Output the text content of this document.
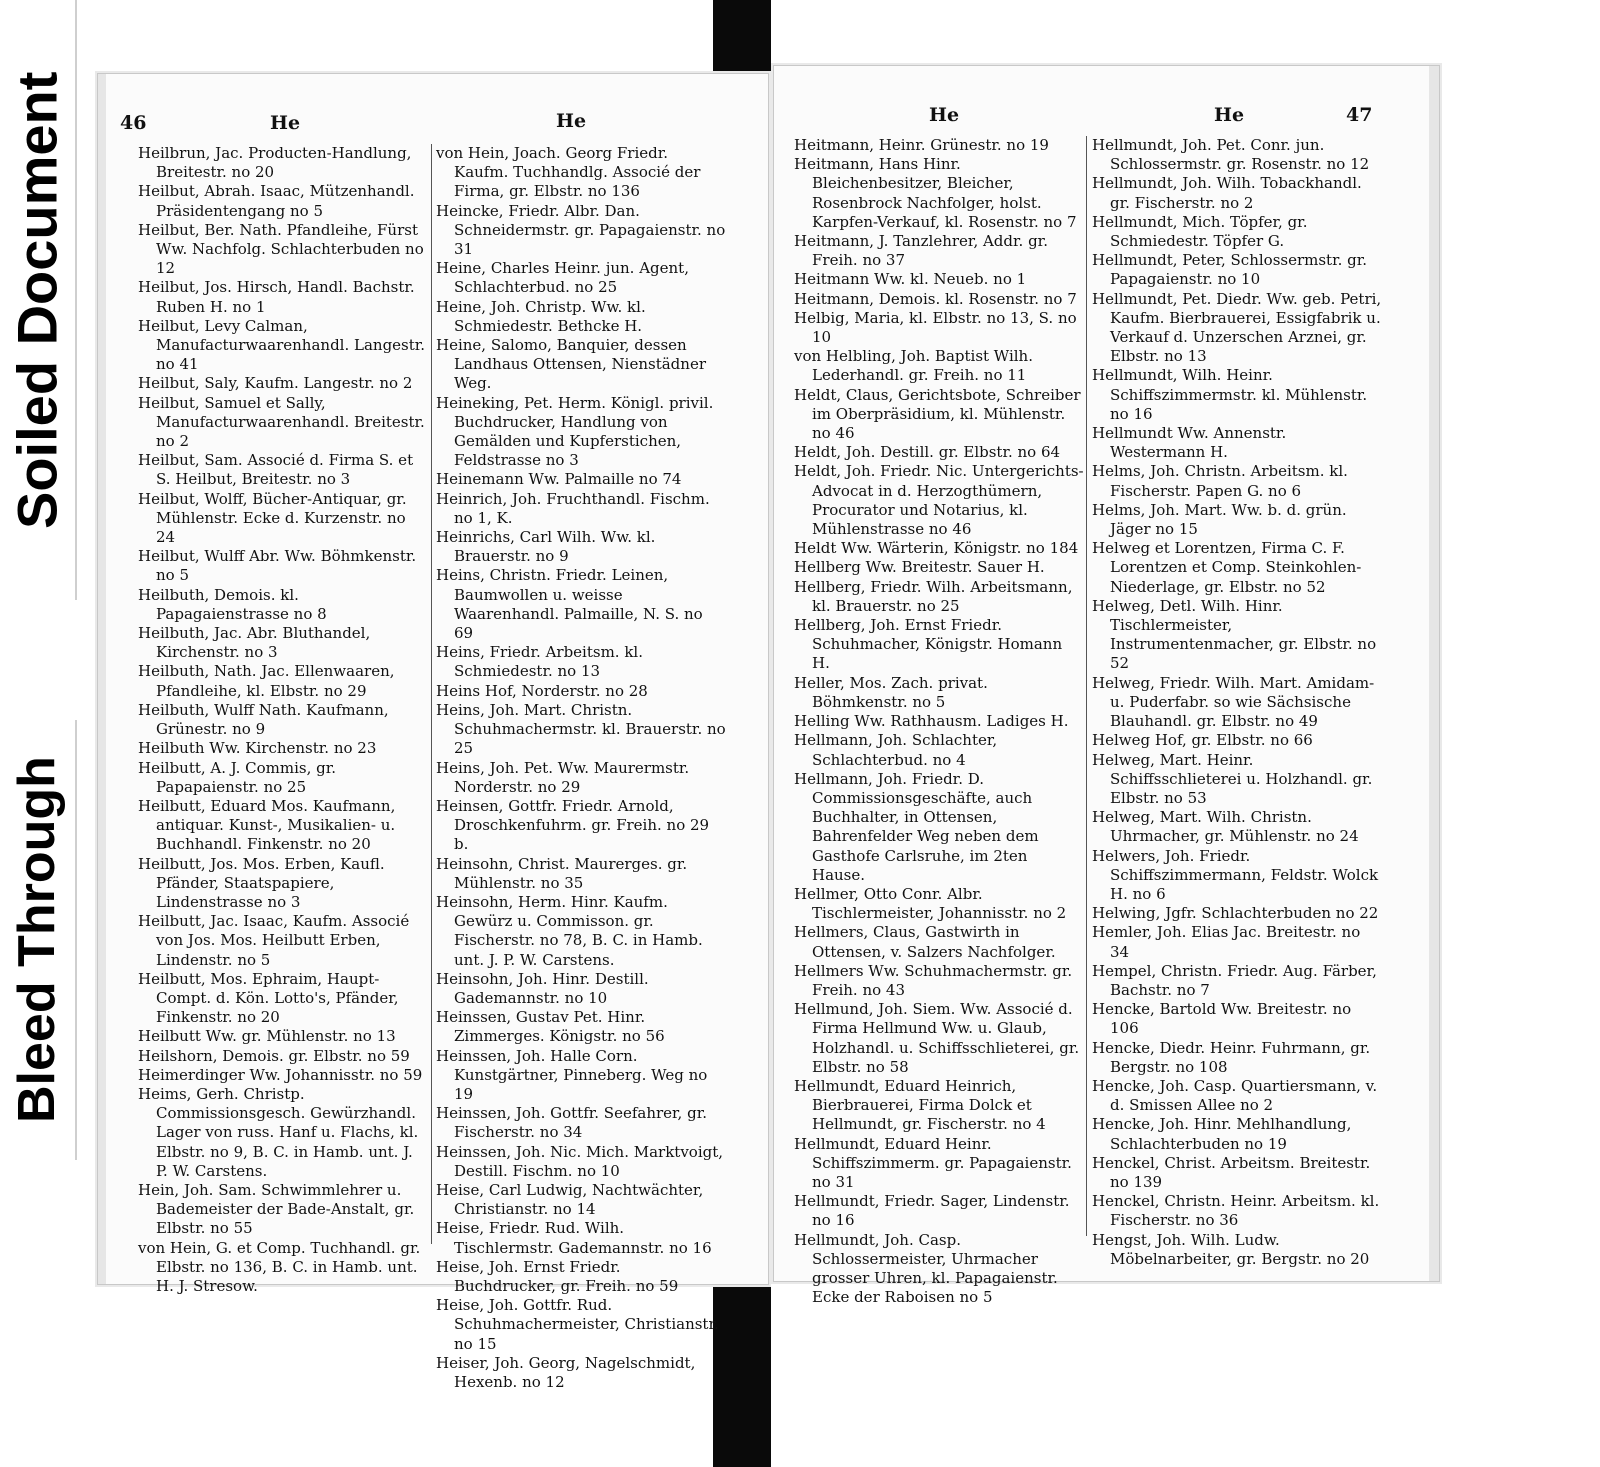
Soiled Document
Bleed Through
46	He	He
Heilbrun, Jac. Producten-Handlung, Breitestr. no 20
Heilbut, Abrah. Isaac, Mützenhandl. Präsidentengang no 5
Heilbut, Ber. Nath. Pfandleihe, Fürst Ww. Nachfolg. Schlachterbuden no 12
Heilbut, Jos. Hirsch, Handl. Bachstr. Ruben H. no 1
Heilbut, Levy Calman, Manufacturwaarenhandl. Langestr. no 41
Heilbut, Saly, Kaufm. Langestr. no 2
Heilbut, Samuel et Sally, Manufacturwaarenhandl. Breitestr. no 2
Heilbut, Sam. Associé d. Firma S. et S. Heilbut, Breitestr. no 3
Heilbut, Wolff, Bücher-Antiquar, gr. Mühlenstr. Ecke d. Kurzenstr. no 24
Heilbut, Wulff Abr. Ww. Böhmkenstr. no 5
Heilbuth, Demois. kl. Papagaienstrasse no 8
Heilbuth, Jac. Abr. Bluthandel, Kirchenstr. no 3
Heilbuth, Nath. Jac. Ellenwaaren, Pfandleihe, kl. Elbstr. no 29
Heilbuth, Wulff Nath. Kaufmann, Grünestr. no 9
Heilbuth Ww. Kirchenstr. no 23
Heilbutt, A. J. Commis, gr. Papapaienstr. no 25
Heilbutt, Eduard Mos. Kaufmann, antiquar. Kunst-, Musikalien- u. Buchhandl. Finkenstr. no 20
Heilbutt, Jos. Mos. Erben, Kaufl. Pfänder, Staatspapiere, Lindenstrasse no 3
Heilbutt, Jac. Isaac, Kaufm. Associé von Jos. Mos. Heilbutt Erben, Lindenstr. no 5
Heilbutt, Mos. Ephraim, Haupt-Compt. d. Kön. Lotto's, Pfänder, Finkenstr. no 20
Heilbutt Ww. gr. Mühlenstr. no 13
Heilshorn, Demois. gr. Elbstr. no 59
Heimerdinger Ww. Johannisstr. no 59
Heims, Gerh. Christp. Commissionsgesch. Gewürzhandl. Lager von russ. Hanf u. Flachs, kl. Elbstr. no 9, B. C. in Hamb. unt. J. P. W. Carstens.
Hein, Joh. Sam. Schwimmlehrer u. Bademeister der Bade-Anstalt, gr. Elbstr. no 55
von Hein, G. et Comp. Tuchhandl. gr. Elbstr. no 136, B. C. in Hamb. unt. H. J. Stresow.
von Hein, Joach. Georg Friedr. Kaufm. Tuchhandlg. Associé der Firma, gr. Elbstr. no 136
Heincke, Friedr. Albr. Dan. Schneidermstr. gr. Papagaienstr. no 31
Heine, Charles Heinr. jun. Agent, Schlachterbud. no 25
Heine, Joh. Christp. Ww. kl. Schmiedestr. Bethcke H.
Heine, Salomo, Banquier, dessen Landhaus Ottensen, Nienstädner Weg.
Heineking, Pet. Herm. Königl. privil. Buchdrucker, Handlung von Gemälden und Kupferstichen, Feldstrasse no 3
Heinemann Ww. Palmaille no 74
Heinrich, Joh. Fruchthandl. Fischm. no 1, K.
Heinrichs, Carl Wilh. Ww. kl. Brauerstr. no 9
Heins, Christn. Friedr. Leinen, Baumwollen u. weisse Waarenhandl. Palmaille, N. S. no 69
Heins, Friedr. Arbeitsm. kl. Schmiedestr. no 13
Heins Hof, Norderstr. no 28
Heins, Joh. Mart. Christn. Schuhmachermstr. kl. Brauerstr. no 25
Heins, Joh. Pet. Ww. Maurermstr. Norderstr. no 29
Heinsen, Gottfr. Friedr. Arnold, Droschkenfuhrm. gr. Freih. no 29 b.
Heinsohn, Christ. Maurerges. gr. Mühlenstr. no 35
Heinsohn, Herm. Hinr. Kaufm. Gewürz u. Commisson. gr. Fischerstr. no 78, B. C. in Hamb. unt. J. P. W. Carstens.
Heinsohn, Joh. Hinr. Destill. Gademannstr. no 10
Heinssen, Gustav Pet. Hinr. Zimmerges. Königstr. no 56
Heinssen, Joh. Halle Corn. Kunstgärtner, Pinneberg. Weg no 19
Heinssen, Joh. Gottfr. Seefahrer, gr. Fischerstr. no 34
Heinssen, Joh. Nic. Mich. Marktvoigt, Destill. Fischm. no 10
Heise, Carl Ludwig, Nachtwächter, Christianstr. no 14
Heise, Friedr. Rud. Wilh. Tischlermstr. Gademannstr. no 16
Heise, Joh. Ernst Friedr. Buchdrucker, gr. Freih. no 59
Heise, Joh. Gottfr. Rud. Schuhmachermeister, Christianstr. no 15
Heiser, Joh. Georg, Nagelschmidt, Hexenb. no 12
He	He	47
Heitmann, Heinr. Grünestr. no 19
Heitmann, Hans Hinr. Bleichenbesitzer, Bleicher, Rosenbrock Nachfolger, holst. Karpfen-Verkauf, kl. Rosenstr. no 7
Heitmann, J. Tanzlehrer, Addr. gr. Freih. no 37
Heitmann Ww. kl. Neueb. no 1
Heitmann, Demois. kl. Rosenstr. no 7
Helbig, Maria, kl. Elbstr. no 13, S. no 10
von Helbling, Joh. Baptist Wilh. Lederhandl. gr. Freih. no 11
Heldt, Claus, Gerichtsbote, Schreiber im Oberpräsidium, kl. Mühlenstr. no 46
Heldt, Joh. Destill. gr. Elbstr. no 64
Heldt, Joh. Friedr. Nic. Untergerichts-Advocat in d. Herzogthümern, Procurator und Notarius, kl. Mühlenstrasse no 46
Heldt Ww. Wärterin, Königstr. no 184
Hellberg Ww. Breitestr. Sauer H.
Hellberg, Friedr. Wilh. Arbeitsmann, kl. Brauerstr. no 25
Hellberg, Joh. Ernst Friedr. Schuhmacher, Königstr. Homann H.
Heller, Mos. Zach. privat. Böhmkenstr. no 5
Helling Ww. Rathhausm. Ladiges H.
Hellmann, Joh. Schlachter, Schlachterbud. no 4
Hellmann, Joh. Friedr. D. Commissionsgeschäfte, auch Buchhalter, in Ottensen, Bahrenfelder Weg neben dem Gasthofe Carlsruhe, im 2ten Hause.
Hellmer, Otto Conr. Albr. Tischlermeister, Johannisstr. no 2
Hellmers, Claus, Gastwirth in Ottensen, v. Salzers Nachfolger.
Hellmers Ww. Schuhmachermstr. gr. Freih. no 43
Hellmund, Joh. Siem. Ww. Associé d. Firma Hellmund Ww. u. Glaub, Holzhandl. u. Schiffsschlieterei, gr. Elbstr. no 58
Hellmundt, Eduard Heinrich, Bierbrauerei, Firma Dolck et Hellmundt, gr. Fischerstr. no 4
Hellmundt, Eduard Heinr. Schiffszimmerm. gr. Papagaienstr. no 31
Hellmundt, Friedr. Sager, Lindenstr. no 16
Hellmundt, Joh. Casp. Schlossermeister, Uhrmacher grosser Uhren, kl. Papagaienstr. Ecke der Raboisen no 5
Hellmundt, Joh. Pet. Conr. jun. Schlossermstr. gr. Rosenstr. no 12
Hellmundt, Joh. Wilh. Tobackhandl. gr. Fischerstr. no 2
Hellmundt, Mich. Töpfer, gr. Schmiedestr. Töpfer G.
Hellmundt, Peter, Schlossermstr. gr. Papagaienstr. no 10
Hellmundt, Pet. Diedr. Ww. geb. Petri, Kaufm. Bierbrauerei, Essigfabrik u. Verkauf d. Unzerschen Arznei, gr. Elbstr. no 13
Hellmundt, Wilh. Heinr. Schiffszimmermstr. kl. Mühlenstr. no 16
Hellmundt Ww. Annenstr. Westermann H.
Helms, Joh. Christn. Arbeitsm. kl. Fischerstr. Papen G. no 6
Helms, Joh. Mart. Ww. b. d. grün. Jäger no 15
Helweg et Lorentzen, Firma C. F. Lorentzen et Comp. Steinkohlen-Niederlage, gr. Elbstr. no 52
Helweg, Detl. Wilh. Hinr. Tischlermeister, Instrumentenmacher, gr. Elbstr. no 52
Helweg, Friedr. Wilh. Mart. Amidam- u. Puderfabr. so wie Sächsische Blauhandl. gr. Elbstr. no 49
Helweg Hof, gr. Elbstr. no 66
Helweg, Mart. Heinr. Schiffsschlieterei u. Holzhandl. gr. Elbstr. no 53
Helweg, Mart. Wilh. Christn. Uhrmacher, gr. Mühlenstr. no 24
Helwers, Joh. Friedr. Schiffszimmermann, Feldstr. Wolck H. no 6
Helwing, Jgfr. Schlachterbuden no 22
Hemler, Joh. Elias Jac. Breitestr. no 34
Hempel, Christn. Friedr. Aug. Färber, Bachstr. no 7
Hencke, Bartold Ww. Breitestr. no 106
Hencke, Diedr. Heinr. Fuhrmann, gr. Bergstr. no 108
Hencke, Joh. Casp. Quartiersmann, v. d. Smissen Allee no 2
Hencke, Joh. Hinr. Mehlhandlung, Schlachterbuden no 19
Henckel, Christ. Arbeitsm. Breitestr. no 139
Henckel, Christn. Heinr. Arbeitsm. kl. Fischerstr. no 36
Hengst, Joh. Wilh. Ludw. Möbelnarbeiter, gr. Bergstr. no 20
